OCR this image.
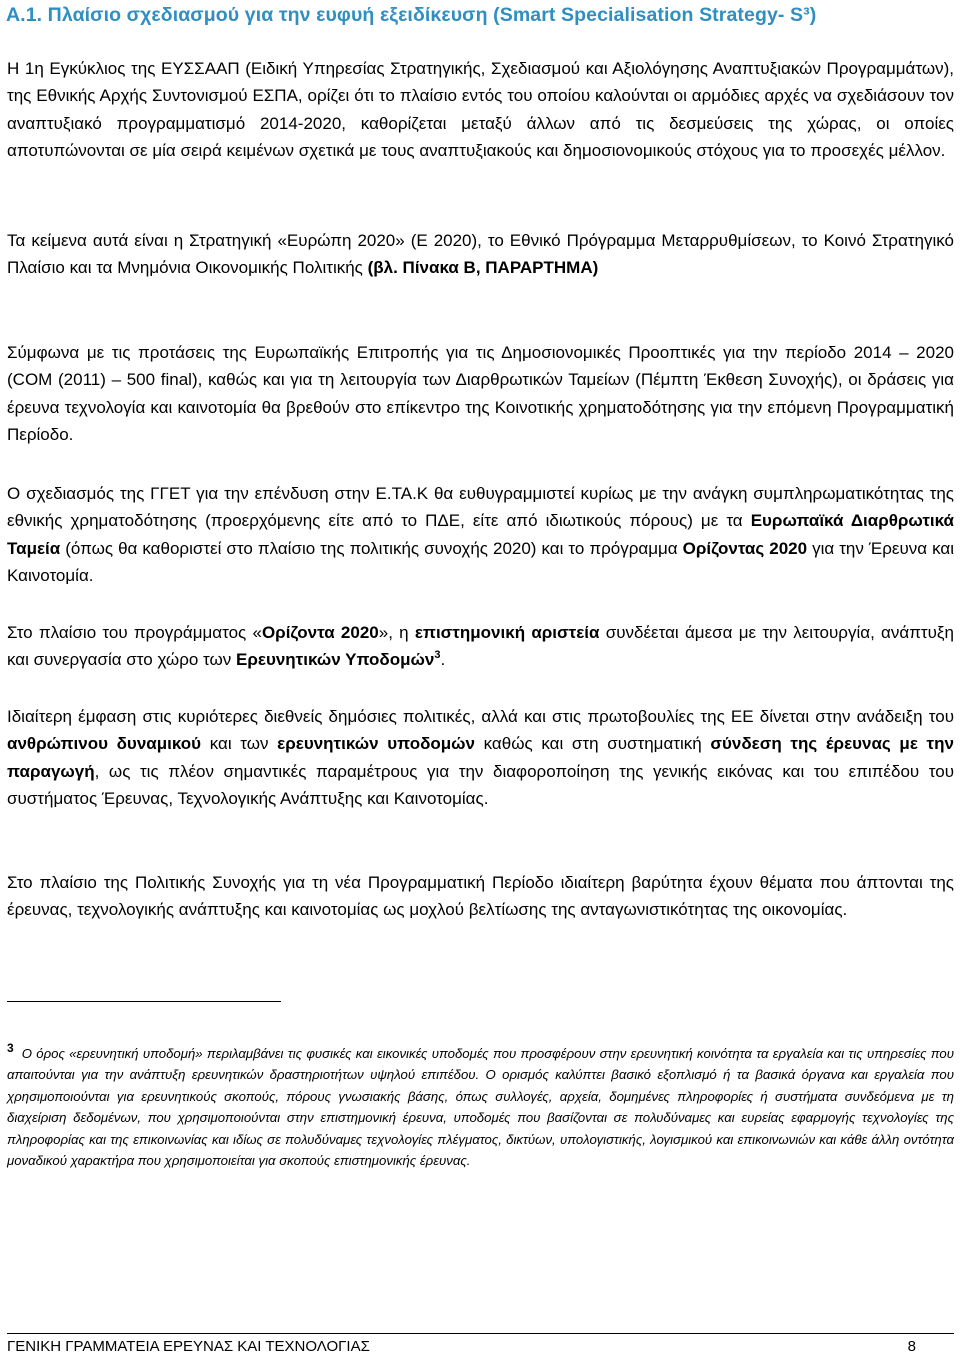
A.1. Πλαίσιο σχεδιασμού για την ευφυή εξειδίκευση (Smart Specialisation Strategy- S³)

Η 1η Εγκύκλιος της ΕΥΣΣΑΑΠ (Ειδική Υπηρεσίας Στρατηγικής, Σχεδιασμού και Αξιολόγησης Αναπτυξιακών Προγραμμάτων), της Εθνικής Αρχής Συντονισμού ΕΣΠΑ, ορίζει ότι το πλαίσιο εντός του οποίου καλούνται οι αρμόδιες αρχές να σχεδιάσουν τον αναπτυξιακό προγραμματισμό 2014-2020, καθορίζεται μεταξύ άλλων από τις δεσμεύσεις της χώρας, οι οποίες αποτυπώνονται σε μία σειρά κειμένων σχετικά με τους αναπτυξιακούς και δημοσιονομικούς στόχους για το προσεχές μέλλον.

Τα κείμενα αυτά είναι η Στρατηγική «Ευρώπη 2020» (Ε 2020), το Εθνικό Πρόγραμμα Μεταρρυθμίσεων, το Κοινό Στρατηγικό Πλαίσιο και τα Μνημόνια Οικονομικής Πολιτικής (βλ. Πίνακα Β, ΠΑΡΑΡΤΗΜΑ)

Σύμφωνα με τις προτάσεις της Ευρωπαϊκής Επιτροπής για τις Δημοσιονομικές Προοπτικές για την περίοδο 2014 – 2020 (COM (2011) – 500 final), καθώς και για τη λειτουργία των Διαρθρωτικών Ταμείων (Πέμπτη Έκθεση Συνοχής), οι δράσεις για έρευνα τεχνολογία και καινοτομία θα βρεθούν στο επίκεντρο της Κοινοτικής χρηματοδότησης για την επόμενη Προγραμματική Περίοδο.

Ο σχεδιασμός της ΓΓΕΤ για την επένδυση στην Ε.ΤΑ.Κ θα ευθυγραμμιστεί κυρίως με την ανάγκη συμπληρωματικότητας της εθνικής χρηματοδότησης (προερχόμενης είτε από το ΠΔΕ, είτε από ιδιωτικούς πόρους) με τα Ευρωπαϊκά Διαρθρωτικά Ταμεία (όπως θα καθοριστεί στο πλαίσιο της πολιτικής συνοχής 2020) και το πρόγραμμα Ορίζοντας 2020 για την Έρευνα και Καινοτομία.

Στο πλαίσιο του προγράμματος «Ορίζοντα 2020», η επιστημονική αριστεία συνδέεται άμεσα με την λειτουργία, ανάπτυξη και συνεργασία στο χώρο των Ερευνητικών Υποδομών$^3$.

Ιδιαίτερη έμφαση στις κυριότερες διεθνείς δημόσιες πολιτικές, αλλά και στις πρωτοβουλίες της ΕΕ δίνεται στην ανάδειξη του ανθρώπινου δυναμικού και των ερευνητικών υποδομών καθώς και στη συστηματική σύνδεση της έρευνας με την παραγωγή, ως τις πλέον σημαντικές παραμέτρους για την διαφοροποίηση της γενικής εικόνας και του επιπέδου του συστήματος Έρευνας, Τεχνολογικής Ανάπτυξης και Καινοτομίας.

Στο πλαίσιο της Πολιτικής Συνοχής για τη νέα Προγραμματική Περίοδο ιδιαίτερη βαρύτητα έχουν θέματα που άπτονται της έρευνας, τεχνολογικής ανάπτυξης και καινοτομίας ως μοχλού βελτίωσης της ανταγωνιστικότητας της οικονομίας.

3 Ο όρος «ερευνητική υποδομή» περιλαμβάνει τις φυσικές και εικονικές υποδομές που προσφέρουν στην ερευνητική κοινότητα τα εργαλεία και τις υπηρεσίες που απαιτούνται για την ανάπτυξη ερευνητικών δραστηριοτήτων υψηλού επιπέδου. Ο ορισμός καλύπτει βασικό εξοπλισμό ή τα βασικά όργανα και εργαλεία που χρησιμοποιούνται για ερευνητικούς σκοπούς, πόρους γνωσιακής βάσης, όπως συλλογές, αρχεία, δομημένες πληροφορίες ή συστήματα συνδεόμενα με τη διαχείριση δεδομένων, που χρησιμοποιούνται στην επιστημονική έρευνα, υποδομές που βασίζονται σε πολυδύναμες και ευρείας εφαρμογής τεχνολογίες της πληροφορίας και της επικοινωνίας και ιδίως σε πολυδύναμες τεχνολογίες πλέγματος, δικτύων, υπολογιστικής, λογισμικού και επικοινωνιών και κάθε άλλη οντότητα μοναδικού χαρακτήρα που χρησιμοποιείται για σκοπούς επιστημονικής έρευνας.

ΓΕΝΙΚΗ ΓΡΑΜΜΑΤΕΙΑ ΕΡΕΥΝΑΣ ΚΑΙ ΤΕΧΝΟΛΟΓΙΑΣ	8
